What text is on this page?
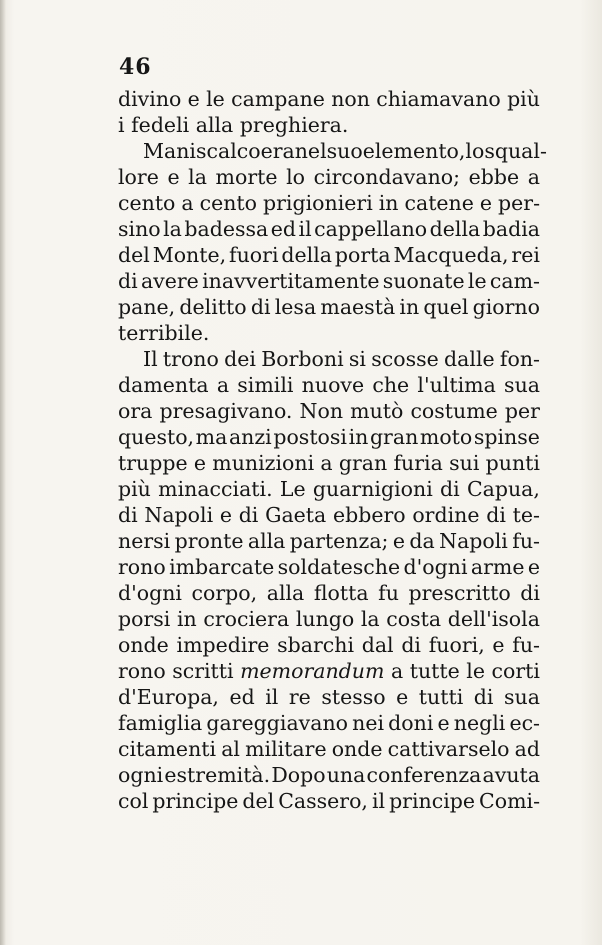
46
divino e le campane non chiamavano più
i
fedeli
alla
preghiera.
Maniscalco era nel suo elemento, lo squal-
lore e la morte lo circondavano; ebbe a
cento a cento prigionieri in catene e per-
sino la badessa ed il cappellano della badia
del Monte, fuori della porta Macqueda, rei
di avere inavvertitamente suonate le cam-
pane, delitto di lesa maestà in quel giorno
terribile.
Il trono dei Borboni si scosse dalle fon-
damenta a simili nuove che l'ultima sua
ora presagivano. Non mutò costume per
questo, ma anzi postosi in gran moto spinse
truppe e munizioni a gran furia sui punti
più minacciati. Le guarnigioni di Capua,
di Napoli e di Gaeta ebbero ordine di te-
nersi pronte alla partenza; e da Napoli fu-
rono imbarcate soldatesche d'ogni arme e
d'ogni corpo, alla flotta fu prescritto di
porsi in crociera lungo la costa dell'isola
onde impedire sbarchi dal di fuori, e fu-
rono scritti memorandum a tutte le corti
d'Europa, ed il re stesso e tutti di sua
famiglia gareggiavano nei doni e negli ec-
citamenti al militare onde cattivarselo ad
ogni estremità. Dopo una conferenza avuta
col principe del Cassero, il principe Comi-
